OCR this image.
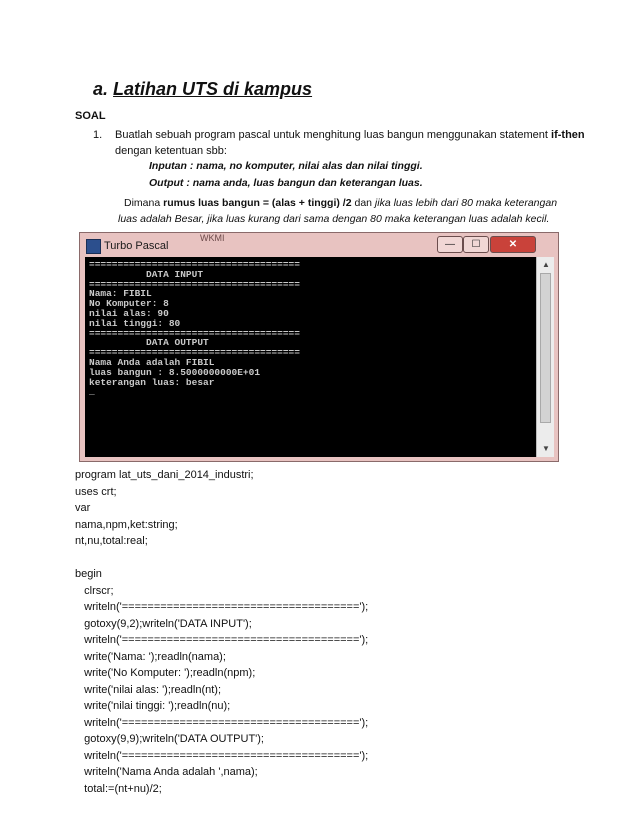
a. Latihan UTS di kampus
SOAL
1. Buatlah sebuah program pascal untuk menghitung luas bangun menggunakan statement if-then dengan ketentuan sbb:
Inputan : nama, no komputer, nilai alas dan nilai tinggi.
Output : nama anda, luas bangun dan keterangan luas.
Dimana rumus luas bangun = (alas + tinggi) /2 dan jika luas lebih dari 80 maka keterangan
luas adalah Besar, jika luas kurang dari sama dengan 80 maka keterangan luas adalah kecil.
Turbo Pascal
WKMI
—	☐	✕
=====================================
DATA INPUT
=====================================
Nama: FIBIL
No Komputer: 8
nilai alas: 90
nilai tinggi: 80
=====================================
DATA OUTPUT
=====================================
Nama Anda adalah FIBIL
luas bangun : 8.5000000000E+01
keterangan luas: besar
_
▲
▼
program lat_uts_dani_2014_industri;
uses crt;
var
nama,npm,ket:string;
nt,nu,total:real;

begin
clrscr;
writeln('=====================================');
gotoxy(9,2);writeln('DATA INPUT');
writeln('=====================================');
write('Nama: ');readln(nama);
write('No Komputer: ');readln(npm);
write('nilai alas: ');readln(nt);
write('nilai tinggi: ');readln(nu);
writeln('=====================================');
gotoxy(9,9);writeln('DATA OUTPUT');
writeln('=====================================');
writeln('Nama Anda adalah ',nama);
total:=(nt+nu)/2;
